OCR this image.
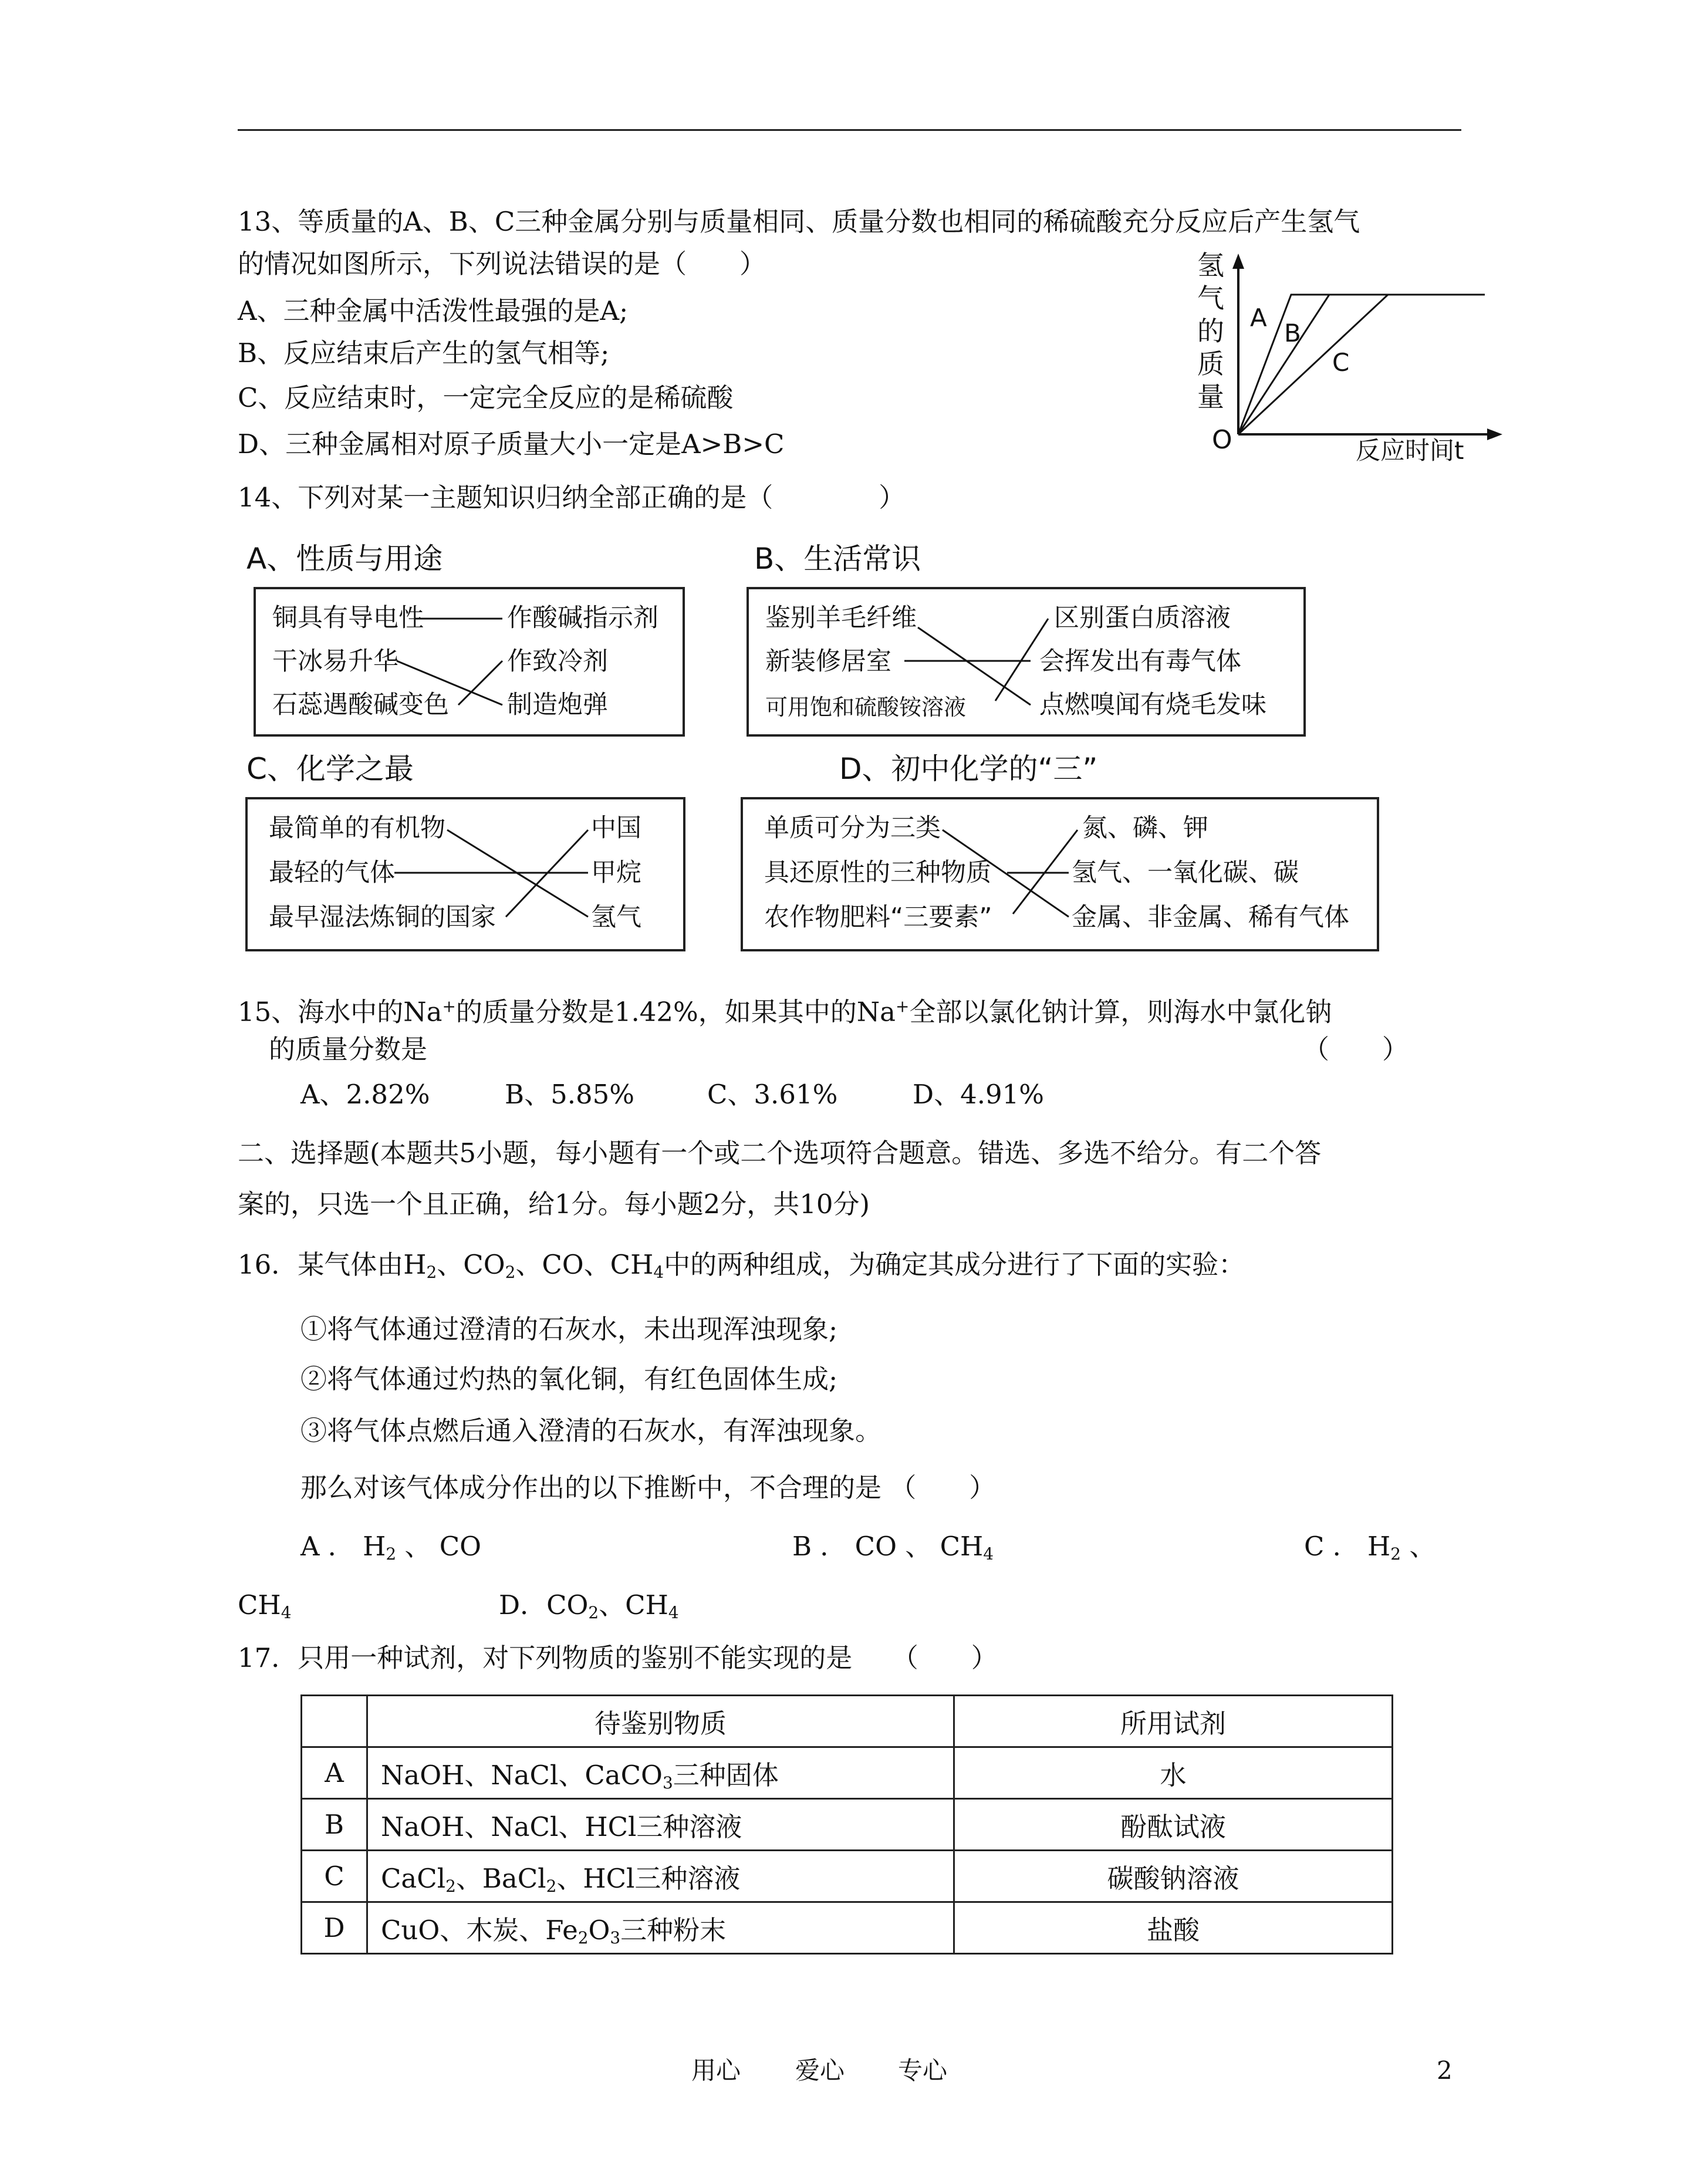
13、等质量的A、B、C三种金属分别与质量相同、质量分数也相同的稀硫酸充分反应后产生氢气
的情况如图所示，下列说法错误的是（　　）
A、三种金属中活泼性最强的是A;
B、反应结束后产生的氢气相等;
C、反应结束时，一定完全反应的是稀硫酸
D、三种金属相对原子质量大小一定是A>B>C
氢
气
的
质
量
O
A
B
C
反应时间t
14、下列对某一主题知识归纳全部正确的是（　　　　）
A、性质与用途
铜具有导电性
干冰易升华
石蕊遇酸碱变色
作酸碱指示剂
作致冷剂
制造炮弹
B、生活常识
鉴别羊毛纤维
新装修居室
可用饱和硫酸铵溶液
区别蛋白质溶液
会挥发出有毒气体
点燃嗅闻有烧毛发味
C、化学之最
最简单的有机物
最轻的气体
最早湿法炼铜的国家
中国
甲烷
氢气
D、初中化学的“三”
单质可分为三类
具还原性的三种物质
农作物肥料“三要素”
氮、磷、钾
氢气、一氧化碳、碳
金属、非金属、稀有气体
15、海水中的Na+的质量分数是1.42%，如果其中的Na+全部以氯化钠计算，则海水中氯化钠
的质量分数是	（　　）
A、2.82%	B、5.85%	C、3.61%	D、4.91%
二、选择题(本题共5小题，每小题有一个或二个选项符合题意。错选、多选不给分。有二个答
案的，只选一个且正确，给1分。每小题2分，共10分)
16．某气体由$H_2$、$CO_2$、CO、$CH_4$中的两种组成，为确定其成分进行了下面的实验：
①将气体通过澄清的石灰水，未出现浑浊现象;
②将气体通过灼热的氧化铜，有红色固体生成;
③将气体点燃后通入澄清的石灰水，有浑浊现象。
那么对该气体成分作出的以下推断中，不合理的是 （　　）
A ． $H_2$ 、 CO	B ． CO 、 $CH_4$	C ． $H_2$ 、
$CH_4$	D．$CO_2$、$CH_4$
17．只用一种试剂，对下列物质的鉴别不能实现的是　　（　　）
	待鉴别物质	所用试剂
A	NaOH、NaCl、CaCO$_3$三种固体	水
B	NaOH、NaCl、HCl三种溶液	酚酞试液
C	CaCl$_2$、BaCl$_2$、HCl三种溶液	碳酸钠溶液
D	CuO、木炭、$Fe_2O_3$三种粉末	盐酸
用心 爱心 专心	2
